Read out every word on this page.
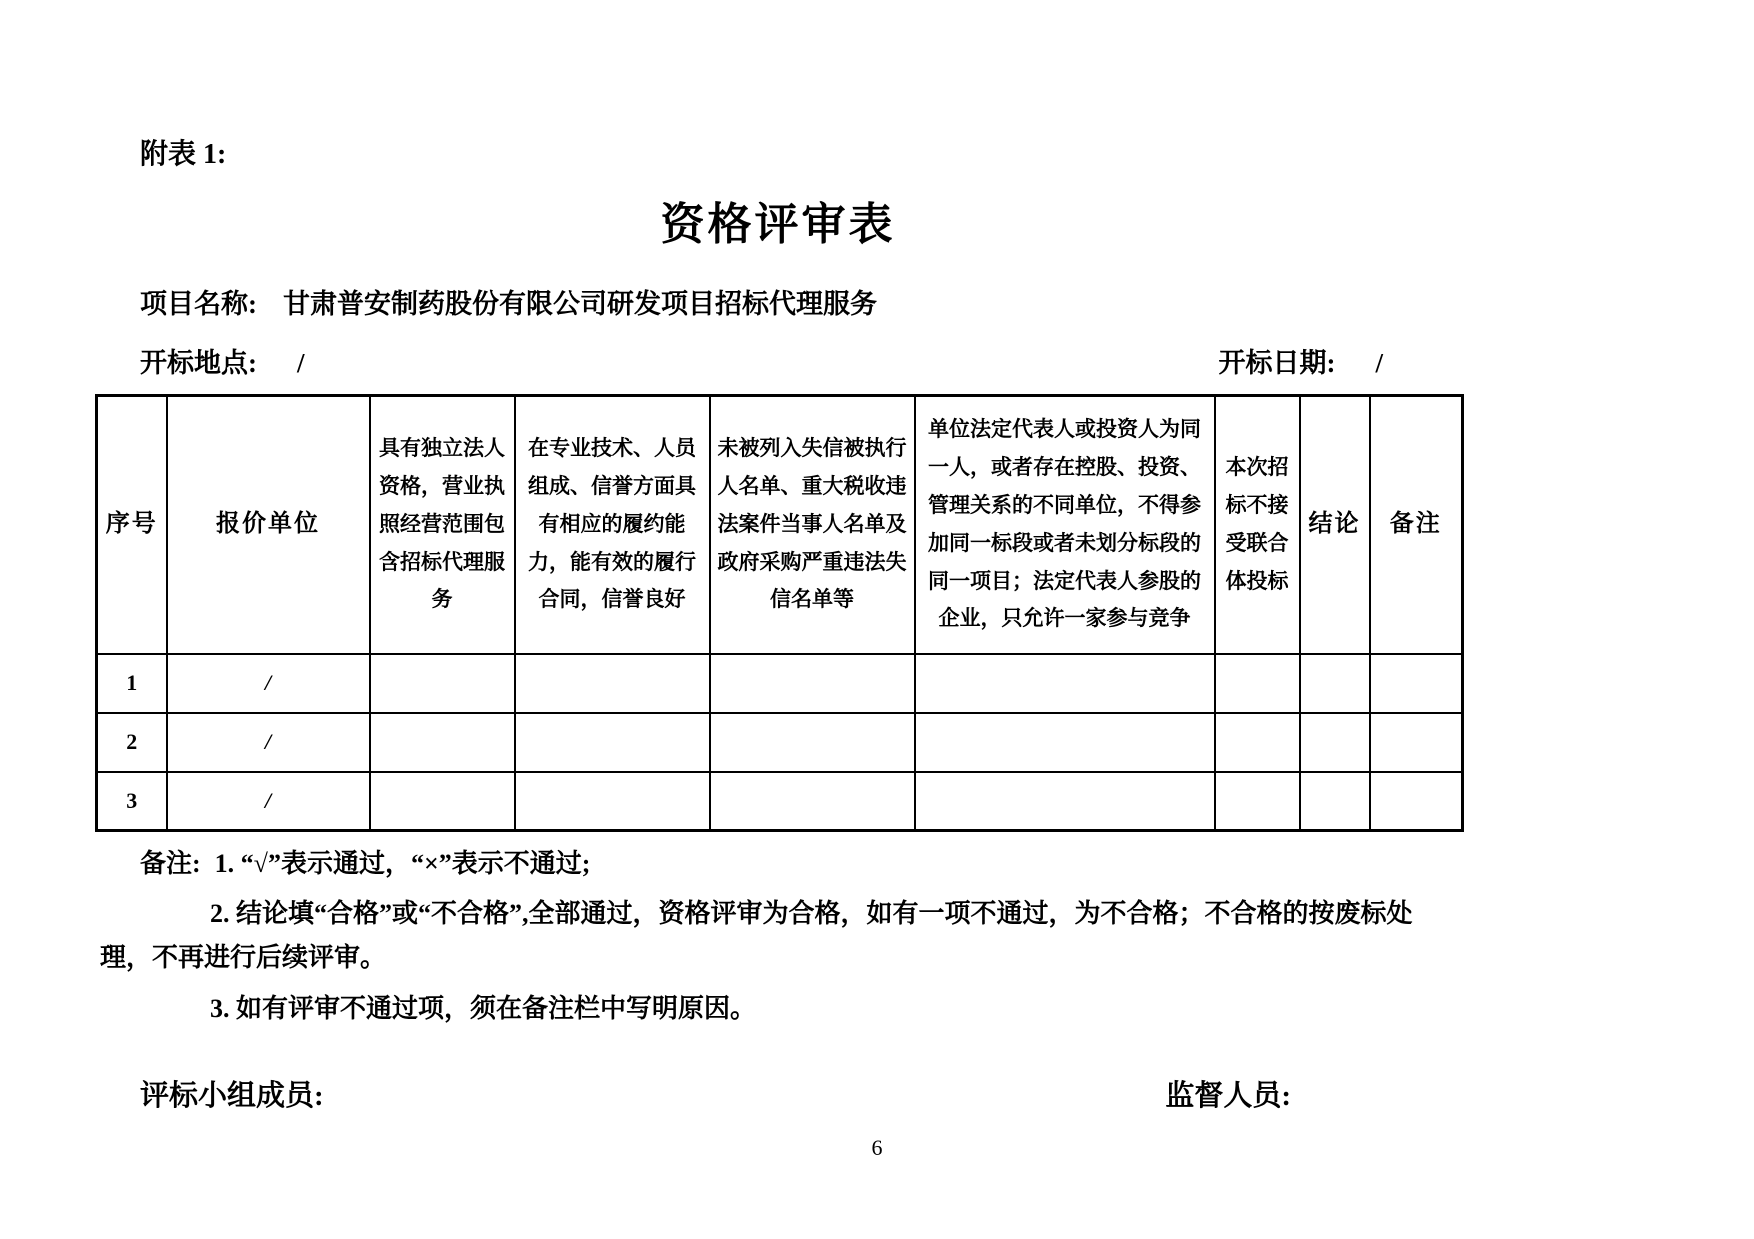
附表 1:
资格评审表
项目名称: 甘肃普安制药股份有限公司研发项目招标代理服务
开标地点: /	开标日期: /
序号	报价单位	具有独立法人资格，营业执照经营范围包含招标代理服务	在专业技术、人员组成、信誉方面具有相应的履约能力，能有效的履行合同，信誉良好	未被列入失信被执行人名单、重大税收违法案件当事人名单及政府采购严重违法失信名单等	单位法定代表人或投资人为同一人，或者存在控股、投资、管理关系的不同单位，不得参加同一标段或者未划分标段的同一项目；法定代表人参股的企业，只允许一家参与竞争	本次招标不接受联合体投标	结论	备注
1	/							
2	/							
3	/							

备注: 1. “√”表示通过，“×”表示不通过;

2. 结论填“合格”或“不合格”,全部通过，资格评审为合格，如有一项不通过，为不合格；不合格的按废标处理，不再进行后续评审。

3. 如有评审不通过项，须在备注栏中写明原因。

评标小组成员:	监督人员:
6
